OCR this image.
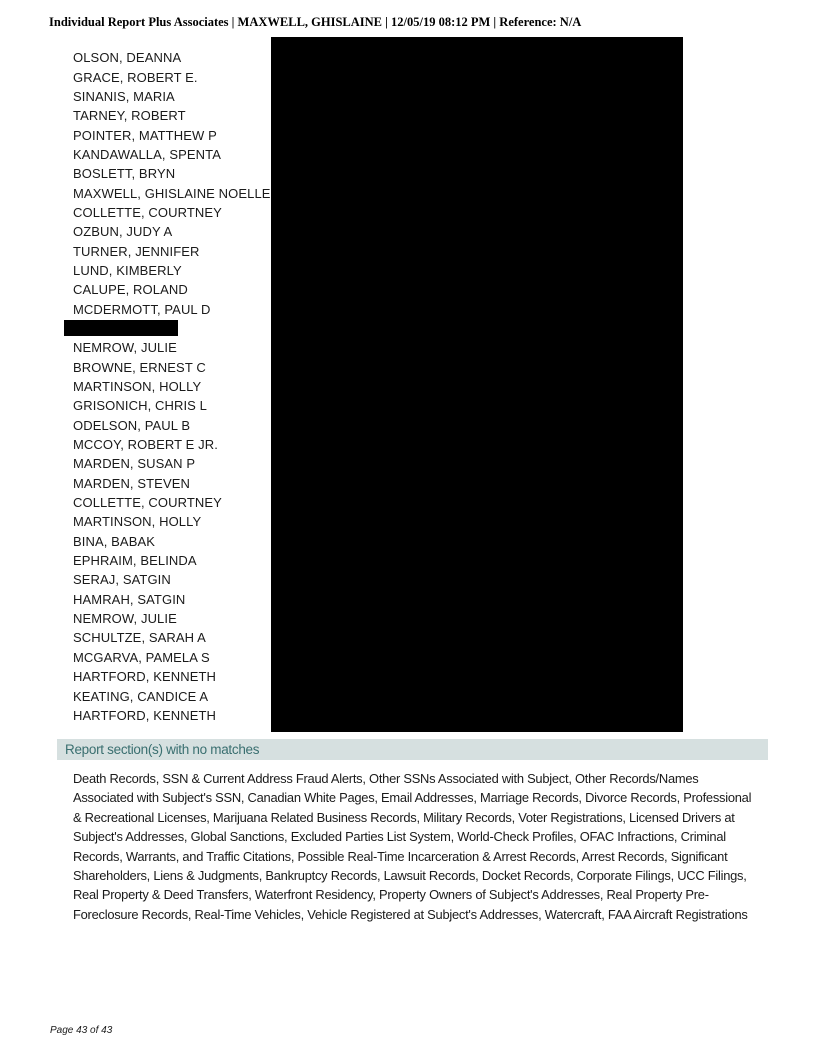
Individual Report Plus Associates | MAXWELL, GHISLAINE | 12/05/19 08:12 PM | Reference: N/A
OLSON, DEANNA
GRACE, ROBERT E.
SINANIS, MARIA
TARNEY, ROBERT
POINTER, MATTHEW P
KANDAWALLA, SPENTA
BOSLETT, BRYN
MAXWELL, GHISLAINE NOELLE
COLLETTE, COURTNEY
OZBUN, JUDY A
TURNER, JENNIFER
LUND, KIMBERLY
CALUPE, ROLAND
MCDERMOTT, PAUL D
NEMROW, JULIE
BROWNE, ERNEST C
MARTINSON, HOLLY
GRISONICH, CHRIS L
ODELSON, PAUL B
MCCOY, ROBERT E JR.
MARDEN, SUSAN P
MARDEN, STEVEN
COLLETTE, COURTNEY
MARTINSON, HOLLY
BINA, BABAK
EPHRAIM, BELINDA
SERAJ, SATGIN
HAMRAH, SATGIN
NEMROW, JULIE
SCHULTZE, SARAH A
MCGARVA, PAMELA S
HARTFORD, KENNETH
KEATING, CANDICE A
HARTFORD, KENNETH
Report section(s) with no matches
Death Records, SSN & Current Address Fraud Alerts, Other SSNs Associated with Subject, Other Records/Names Associated with Subject's SSN, Canadian White Pages, Email Addresses, Marriage Records, Divorce Records, Professional & Recreational Licenses, Marijuana Related Business Records, Military Records, Voter Registrations, Licensed Drivers at Subject's Addresses, Global Sanctions, Excluded Parties List System, World-Check Profiles, OFAC Infractions, Criminal Records, Warrants, and Traffic Citations, Possible Real-Time Incarceration & Arrest Records, Arrest Records, Significant Shareholders, Liens & Judgments, Bankruptcy Records, Lawsuit Records, Docket Records, Corporate Filings, UCC Filings, Real Property & Deed Transfers, Waterfront Residency, Property Owners of Subject's Addresses, Real Property Pre-Foreclosure Records, Real-Time Vehicles, Vehicle Registered at Subject's Addresses, Watercraft, FAA Aircraft Registrations
Page 43 of 43
